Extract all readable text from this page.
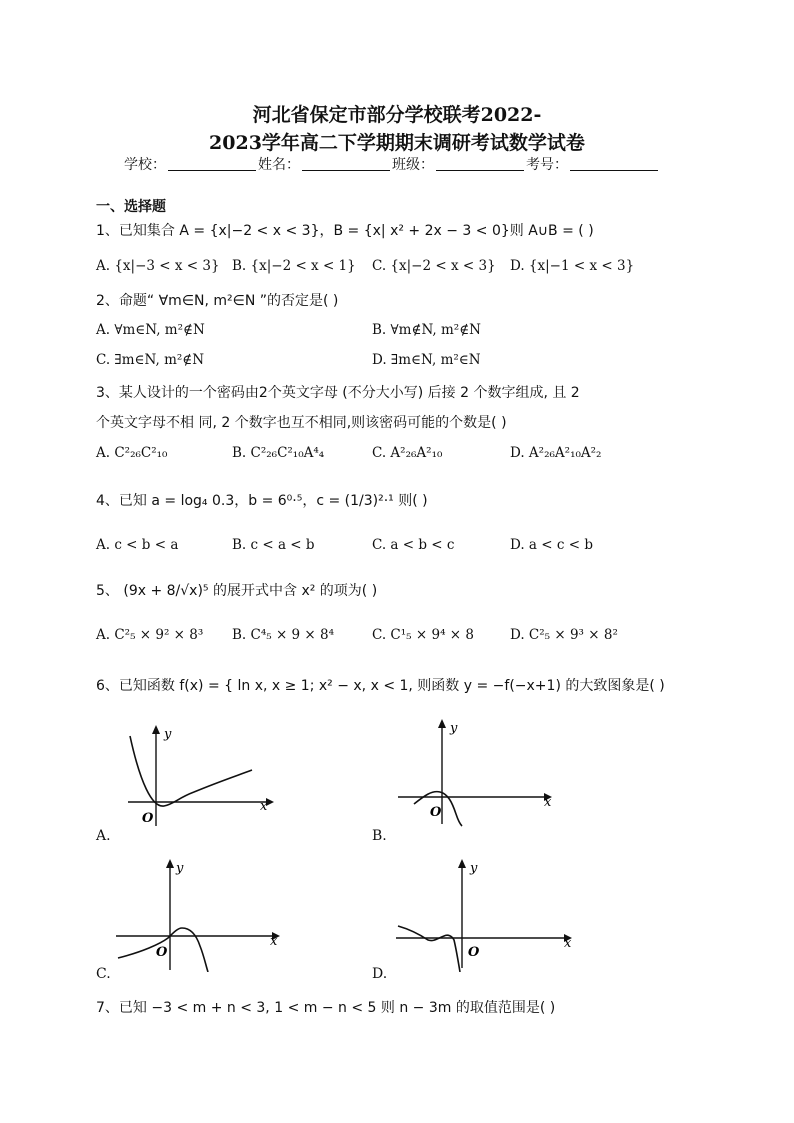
河北省保定市部分学校联考2022-
2023学年高二下学期期末调研考试数学试卷
学校：	姓名：	班级：	考号：
一、选择题
1、已知集合 A = {x|−2 < x < 3}，B = {x| x² + 2x − 3 < 0}则 A∪B = ( )
A. {x|−3 < x < 3} B. {x|−2 < x < 1} C. {x|−2 < x < 3} D. {x|−1 < x < 3}
2、命题“ ∀m∈N, m²∈N ”的否定是( )
A. ∀m∈N, m²∉N	B. ∀m∉N, m²∉N
C. ∃m∈N, m²∉N	D. ∃m∈N, m²∈N
3、某人设计的一个密码由2个英文字母 (不分大小写) 后接 2 个数字组成, 且 2
个英文字母不相 同, 2 个数字也互不相同,则该密码可能的个数是( )
A. C²₂₆C²₁₀	B. C²₂₆C²₁₀A⁴₄	C. A²₂₆A²₁₀	D. A²₂₆A²₁₀A²₂
4、已知 a = log₄ 0.3，b = 6⁰·⁵，c = (1/3)²·¹ 则( )
A. c < b < a	B. c < a < b	C. a < b < c	D. a < c < b
5、 (9x + 8/√x)⁵ 的展开式中含 x² 的项为( )
A. C²₅ × 9² × 8³ B. C⁴₅ × 9 × 8⁴	C. C¹₅ × 9⁴ × 8	D. C²₅ × 9³ × 8²
6、已知函数 f(x) = { ln x, x ≥ 1; x² − x, x < 1, 则函数 y = −f(−x+1) 的大致图象是( )
y
x
O
A.
y
x
O
B.
y
x
O
C.
y
x
O
D.
7、已知 −3 < m + n < 3, 1 < m − n < 5 则 n − 3m 的取值范围是( )
